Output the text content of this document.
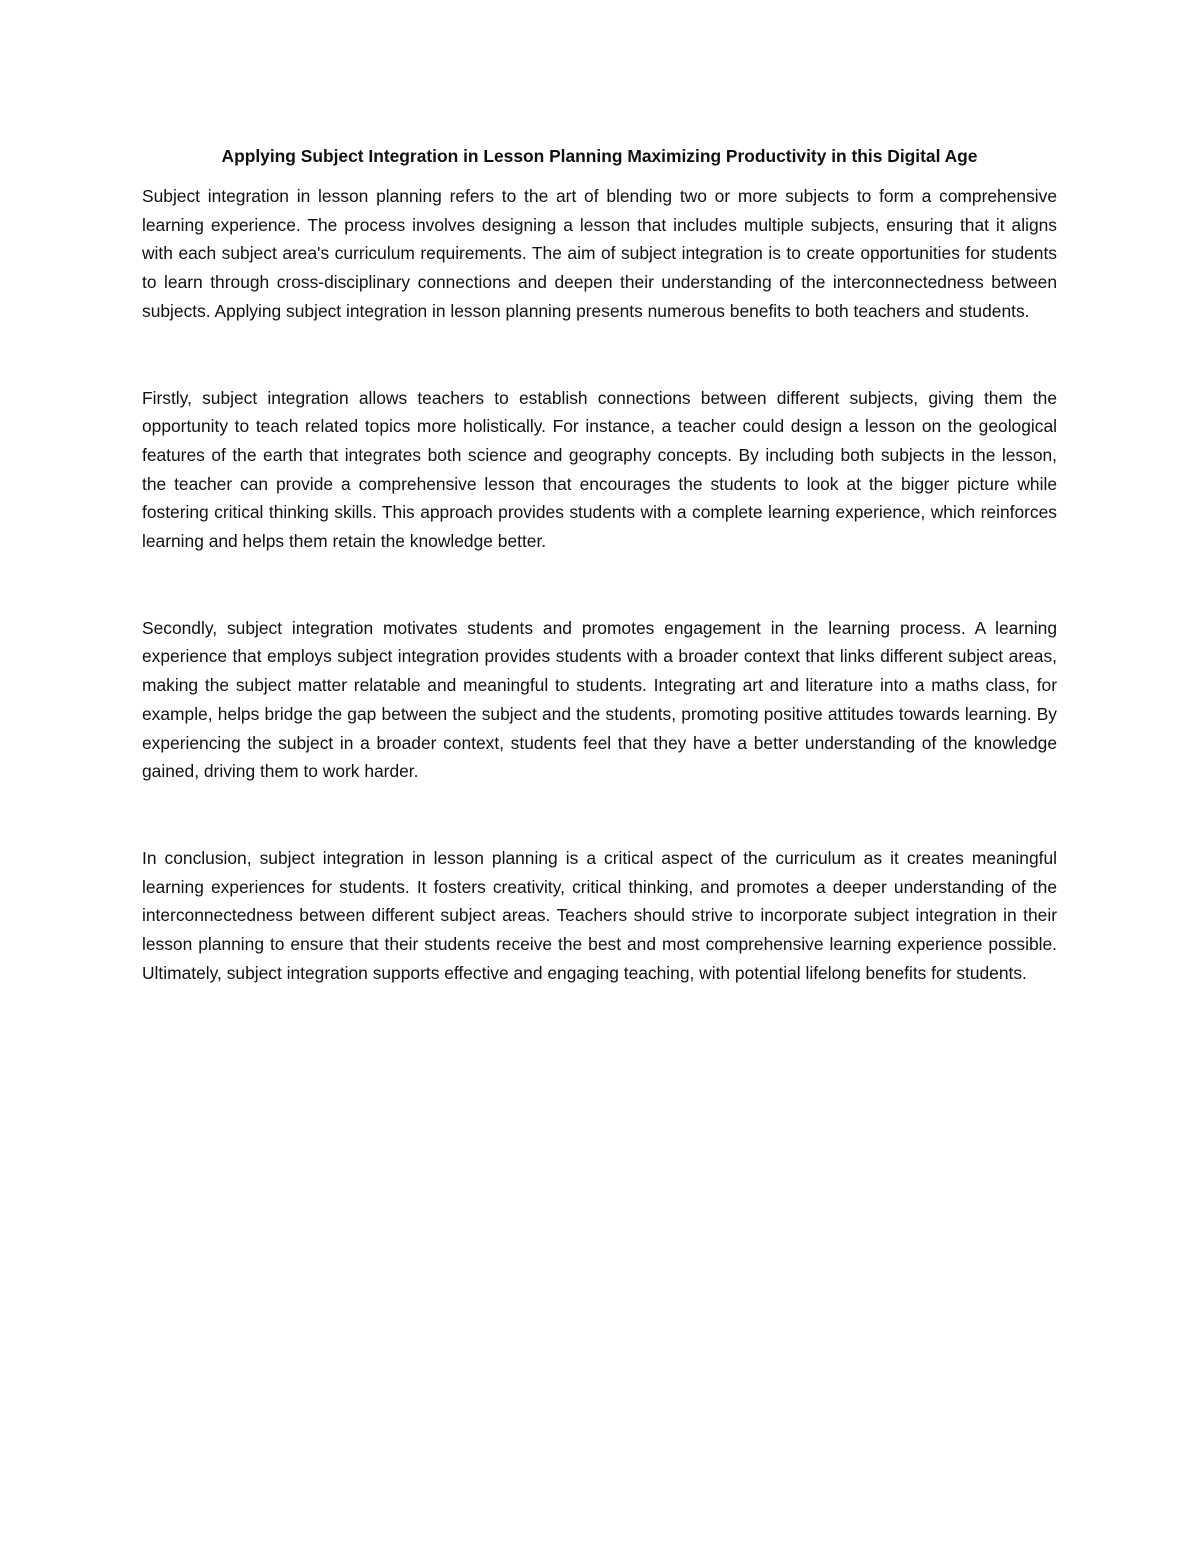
Applying Subject Integration in Lesson Planning Maximizing Productivity in this Digital Age

Subject integration in lesson planning refers to the art of blending two or more subjects to form a comprehensive learning experience. The process involves designing a lesson that includes multiple subjects, ensuring that it aligns with each subject area's curriculum requirements. The aim of subject integration is to create opportunities for students to learn through cross-disciplinary connections and deepen their understanding of the interconnectedness between subjects. Applying subject integration in lesson planning presents numerous benefits to both teachers and students.

Firstly, subject integration allows teachers to establish connections between different subjects, giving them the opportunity to teach related topics more holistically. For instance, a teacher could design a lesson on the geological features of the earth that integrates both science and geography concepts. By including both subjects in the lesson, the teacher can provide a comprehensive lesson that encourages the students to look at the bigger picture while fostering critical thinking skills. This approach provides students with a complete learning experience, which reinforces learning and helps them retain the knowledge better.

Secondly, subject integration motivates students and promotes engagement in the learning process. A learning experience that employs subject integration provides students with a broader context that links different subject areas, making the subject matter relatable and meaningful to students. Integrating art and literature into a maths class, for example, helps bridge the gap between the subject and the students, promoting positive attitudes towards learning. By experiencing the subject in a broader context, students feel that they have a better understanding of the knowledge gained, driving them to work harder.

In conclusion, subject integration in lesson planning is a critical aspect of the curriculum as it creates meaningful learning experiences for students. It fosters creativity, critical thinking, and promotes a deeper understanding of the interconnectedness between different subject areas. Teachers should strive to incorporate subject integration in their lesson planning to ensure that their students receive the best and most comprehensive learning experience possible. Ultimately, subject integration supports effective and engaging teaching, with potential lifelong benefits for students.
